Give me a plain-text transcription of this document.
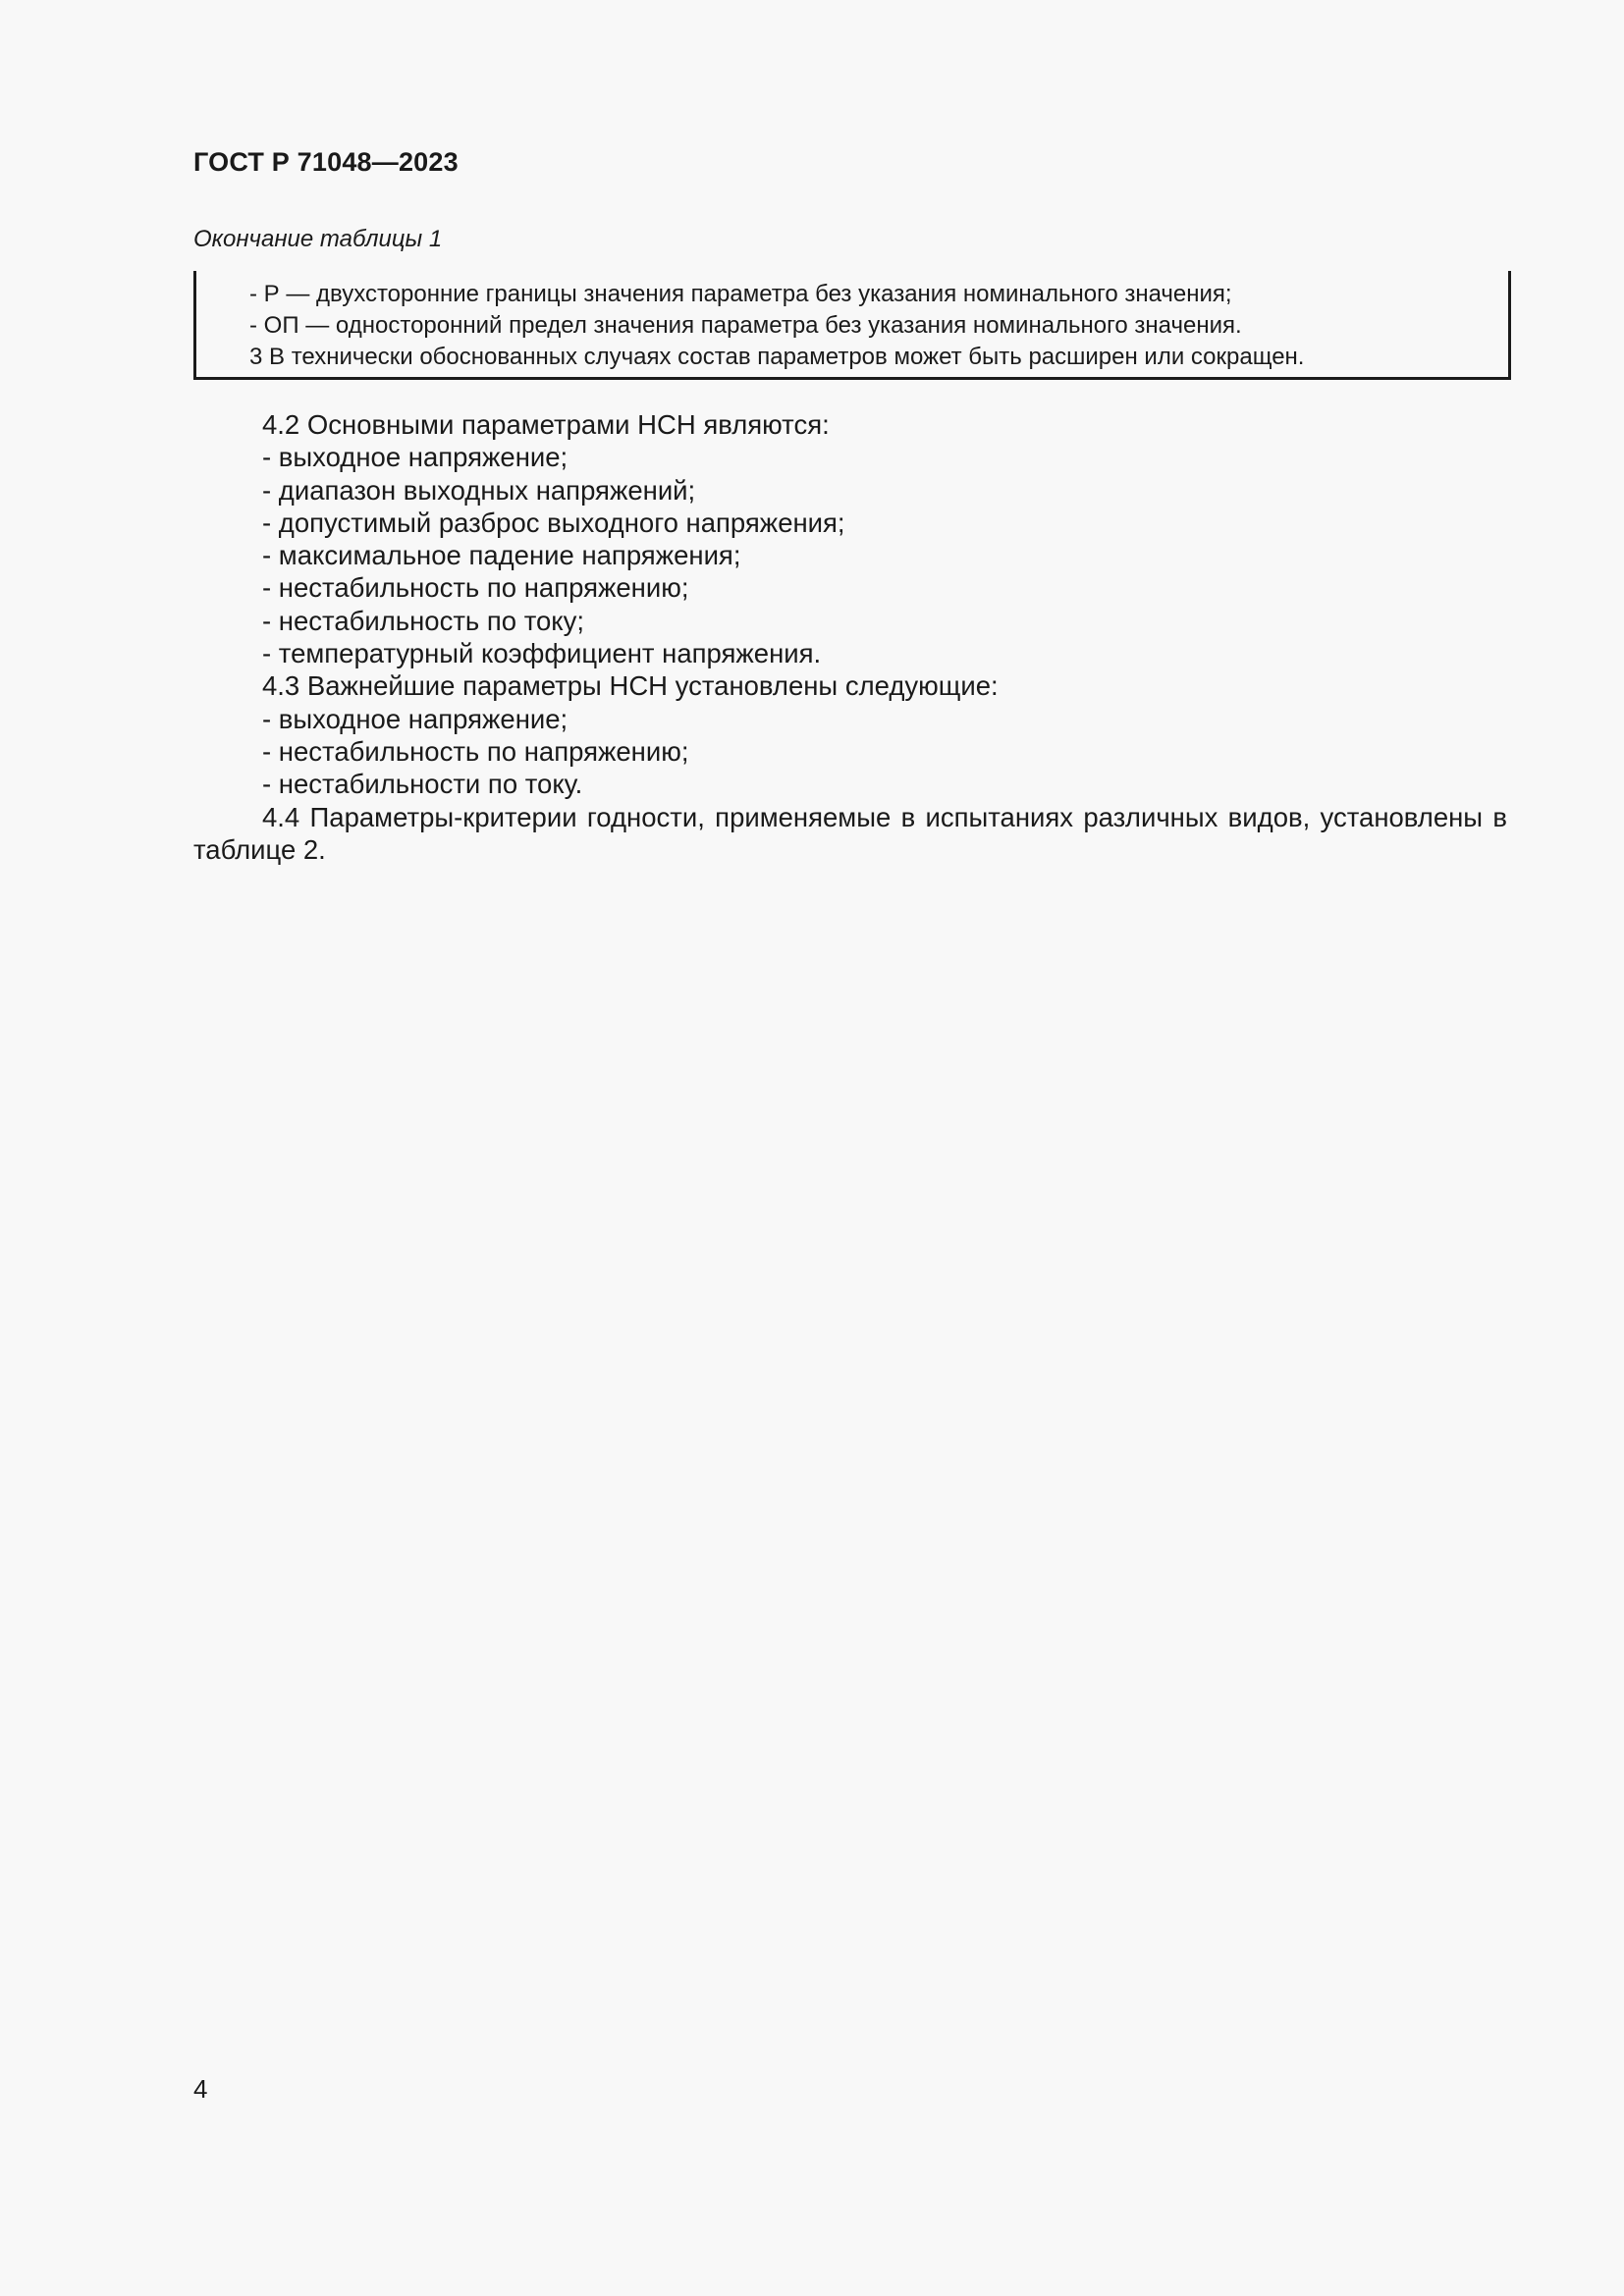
ГОСТ Р 71048—2023
Окончание таблицы 1
- Р — двухсторонние границы значения параметра без указания номинального значения;
- ОП — односторонний предел значения параметра без указания номинального значения.
3 В технически обоснованных случаях состав параметров может быть расширен или сокращен.

4.2 Основными параметрами НСН являются:

- выходное напряжение;

- диапазон выходных напряжений;

- допустимый разброс выходного напряжения;

- максимальное падение напряжения;

- нестабильность по напряжению;

- нестабильность по току;

- температурный коэффициент напряжения.

4.3 Важнейшие параметры НСН установлены следующие:

- выходное напряжение;

- нестабильность по напряжению;

- нестабильности по току.

4.4 Параметры-критерии годности, применяемые в испытаниях различных видов, установлены в таблице 2.

4
